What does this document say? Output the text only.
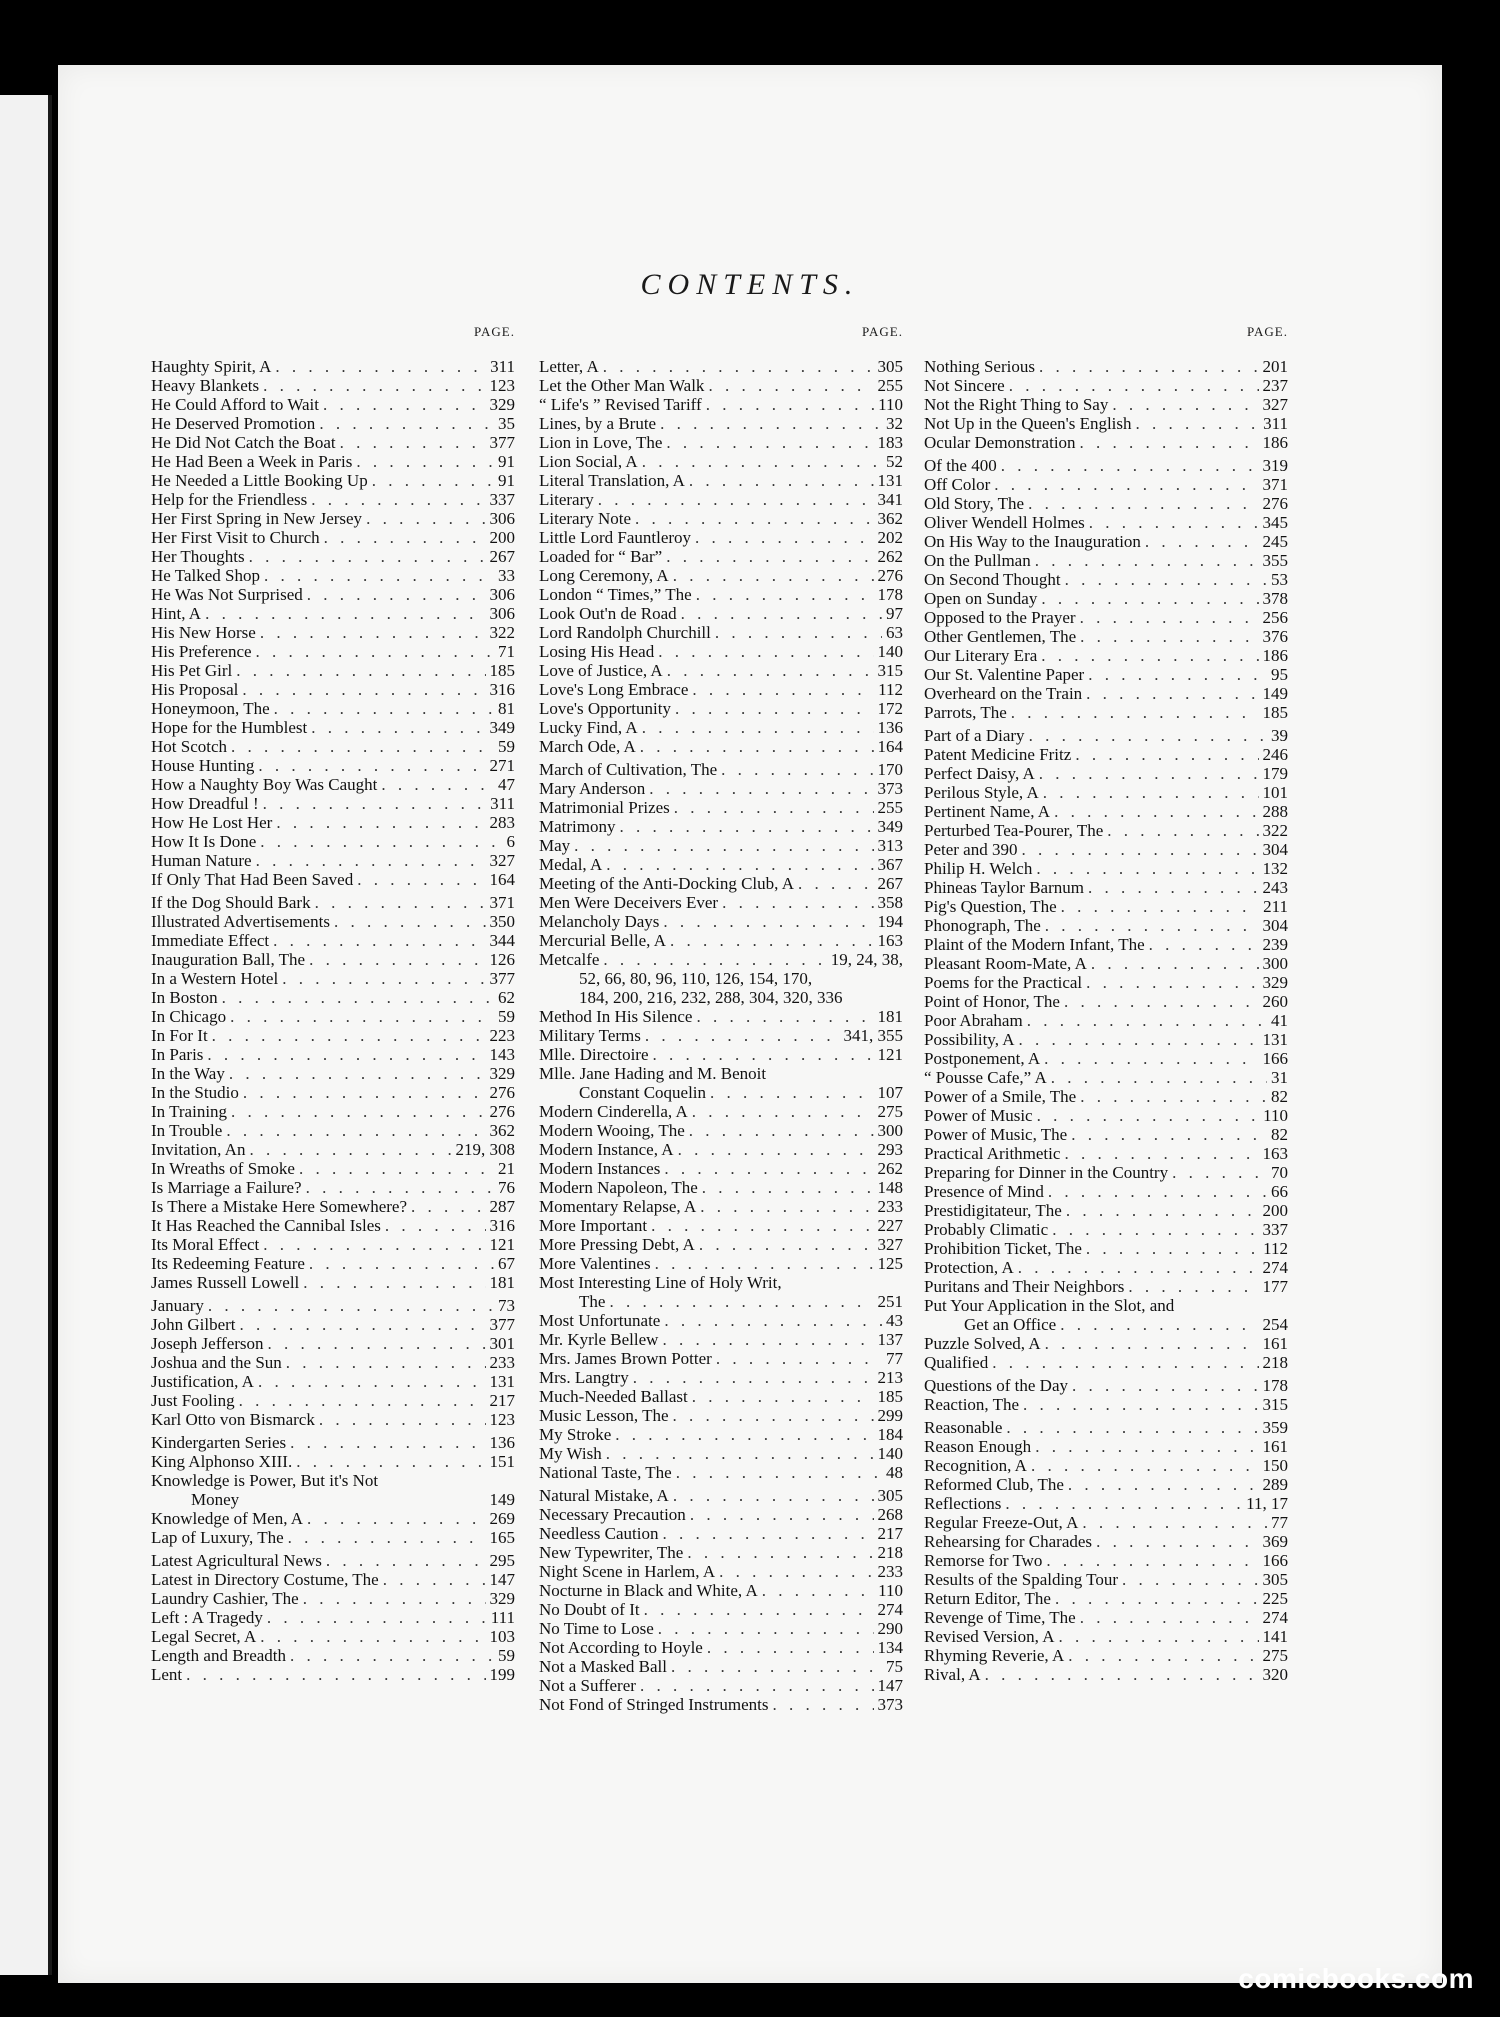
CONTENTS.
PAGE.
Haughty Spirit, A . . .	311
Heavy Blankets . . .	123
He Could Afford to Wait . . .	329
He Deserved Promotion . . .	35
He Did Not Catch the Boat . . .	377
He Had Been a Week in Paris . . .	91
He Needed a Little Booking Up . . .	91
Help for the Friendless . . .	337
Her First Spring in New Jersey . . .	306
Her First Visit to Church . . .	200
Her Thoughts . . .	267
He Talked Shop . . .	33
He Was Not Surprised . . .	306
Hint, A . . .	306
His New Horse . . .	322
His Preference . . .	71
His Pet Girl . . .	185
His Proposal . . .	316
Honeymoon, The . . .	81
Hope for the Humblest . . .	349
Hot Scotch . . .	59
House Hunting . . .	271
How a Naughty Boy Was Caught . . .	47
How Dreadful ! . . .	311
How He Lost Her . . .	283
How It Is Done . . .	6
Human Nature . . .	327
If Only That Had Been Saved . . .	164
If the Dog Should Bark . . .	371
Illustrated Advertisements . . .	350
Immediate Effect . . .	344
Inauguration Ball, The . . .	126
In a Western Hotel . . .	377
In Boston . . .	62
In Chicago . . .	59
In For It . . .	223
In Paris . . .	143
In the Way . . .	329
In the Studio . . .	276
In Training . . .	276
In Trouble . . .	362
Invitation, An . . .	219, 308
In Wreaths of Smoke . . .	21
Is Marriage a Failure? . . .	76
Is There a Mistake Here Somewhere? . . .	287
It Has Reached the Cannibal Isles . . .	316
Its Moral Effect . . .	121
Its Redeeming Feature . . .	67
James Russell Lowell . . .	181
January . . .	73
John Gilbert . . .	377
Joseph Jefferson . . .	301
Joshua and the Sun . . .	233
Justification, A . . .	131
Just Fooling . . .	217
Karl Otto von Bismarck . . .	123
Kindergarten Series . . .	136
King Alphonso XIII. . . .	151
Knowledge is Power, But it's Not
Money	149
Knowledge of Men, A . . .	269
Lap of Luxury, The . . .	165
Latest Agricultural News . . .	295
Latest in Directory Costume, The . . .	147
Laundry Cashier, The . . .	329
Left : A Tragedy . . .	111
Legal Secret, A . . .	103
Length and Breadth . . .	59
Lent . . .	199
PAGE.
Letter, A . . .	305
Let the Other Man Walk . . .	255
“ Life's ” Revised Tariff . . .	110
Lines, by a Brute . . .	32
Lion in Love, The . . .	183
Lion Social, A . . .	52
Literal Translation, A . . .	131
Literary . . .	341
Literary Note . . .	362
Little Lord Fauntleroy . . .	202
Loaded for “ Bar” . . .	262
Long Ceremony, A . . .	276
London “ Times,” The . . .	178
Look Out'n de Road . . .	97
Lord Randolph Churchill . . .	63
Losing His Head . . .	140
Love of Justice, A . . .	315
Love's Long Embrace . . .	112
Love's Opportunity . . .	172
Lucky Find, A . . .	136
March Ode, A . . .	164
March of Cultivation, The . . .	170
Mary Anderson . . .	373
Matrimonial Prizes . . .	255
Matrimony . . .	349
May . . .	313
Medal, A . . .	367
Meeting of the Anti-Docking Club, A . . .	267
Men Were Deceivers Ever . . .	358
Melancholy Days . . .	194
Mercurial Belle, A . . .	163
Metcalfe . . .	19, 24, 38,
52, 66, 80, 96, 110, 126, 154, 170,
184, 200, 216, 232, 288, 304, 320, 336
Method In His Silence . . .	181
Military Terms . . .	341, 355
Mlle. Directoire . . .	121
Mlle. Jane Hading and M. Benoit
Constant Coquelin . . .	107
Modern Cinderella, A . . .	275
Modern Wooing, The . . .	300
Modern Instance, A . . .	293
Modern Instances . . .	262
Modern Napoleon, The . . .	148
Momentary Relapse, A . . .	233
More Important . . .	227
More Pressing Debt, A . . .	327
More Valentines . . .	125
Most Interesting Line of Holy Writ,
The . . .	251
Most Unfortunate . . .	43
Mr. Kyrle Bellew . . .	137
Mrs. James Brown Potter . . .	77
Mrs. Langtry . . .	213
Much-Needed Ballast . . .	185
Music Lesson, The . . .	299
My Stroke . . .	184
My Wish . . .	140
National Taste, The . . .	48
Natural Mistake, A . . .	305
Necessary Precaution . . .	268
Needless Caution . . .	217
New Typewriter, The . . .	218
Night Scene in Harlem, A . . .	233
Nocturne in Black and White, A . . .	110
No Doubt of It . . .	274
No Time to Lose . . .	290
Not According to Hoyle . . .	134
Not a Masked Ball . . .	75
Not a Sufferer . . .	147
Not Fond of Stringed Instruments . . .	373
PAGE.
Nothing Serious . . .	201
Not Sincere . . .	237
Not the Right Thing to Say . . .	327
Not Up in the Queen's English . . .	311
Ocular Demonstration . . .	186
Of the 400 . . .	319
Off Color . . .	371
Old Story, The . . .	276
Oliver Wendell Holmes . . .	345
On His Way to the Inauguration . . .	245
On the Pullman . . .	355
On Second Thought . . .	53
Open on Sunday . . .	378
Opposed to the Prayer . . .	256
Other Gentlemen, The . . .	376
Our Literary Era . . .	186
Our St. Valentine Paper . . .	95
Overheard on the Train . . .	149
Parrots, The . . .	185
Part of a Diary . . .	39
Patent Medicine Fritz . . .	246
Perfect Daisy, A . . .	179
Perilous Style, A . . .	101
Pertinent Name, A . . .	288
Perturbed Tea-Pourer, The . . .	322
Peter and 390 . . .	304
Philip H. Welch . . .	132
Phineas Taylor Barnum . . .	243
Pig's Question, The . . .	211
Phonograph, The . . .	304
Plaint of the Modern Infant, The . . .	239
Pleasant Room-Mate, A . . .	300
Poems for the Practical . . .	329
Point of Honor, The . . .	260
Poor Abraham . . .	41
Possibility, A . . .	131
Postponement, A . . .	166
“ Pousse Cafe,” A . . .	31
Power of a Smile, The . . .	82
Power of Music . . .	110
Power of Music, The . . .	82
Practical Arithmetic . . .	163
Preparing for Dinner in the Country . . .	70
Presence of Mind . . .	66
Prestidigitateur, The . . .	200
Probably Climatic . . .	337
Prohibition Ticket, The . . .	112
Protection, A . . .	274
Puritans and Their Neighbors . . .	177
Put Your Application in the Slot, and
Get an Office . . .	254
Puzzle Solved, A . . .	161
Qualified . . .	218
Questions of the Day . . .	178
Reaction, The . . .	315
Reasonable . . .	359
Reason Enough . . .	161
Recognition, A . . .	150
Reformed Club, The . . .	289
Reflections . . .	11, 17
Regular Freeze-Out, A . . .	77
Rehearsing for Charades . . .	369
Remorse for Two . . .	166
Results of the Spalding Tour . . .	305
Return Editor, The . . .	225
Revenge of Time, The . . .	274
Revised Version, A . . .	141
Rhyming Reverie, A . . .	275
Rival, A . . .	320
comicbooks.com
